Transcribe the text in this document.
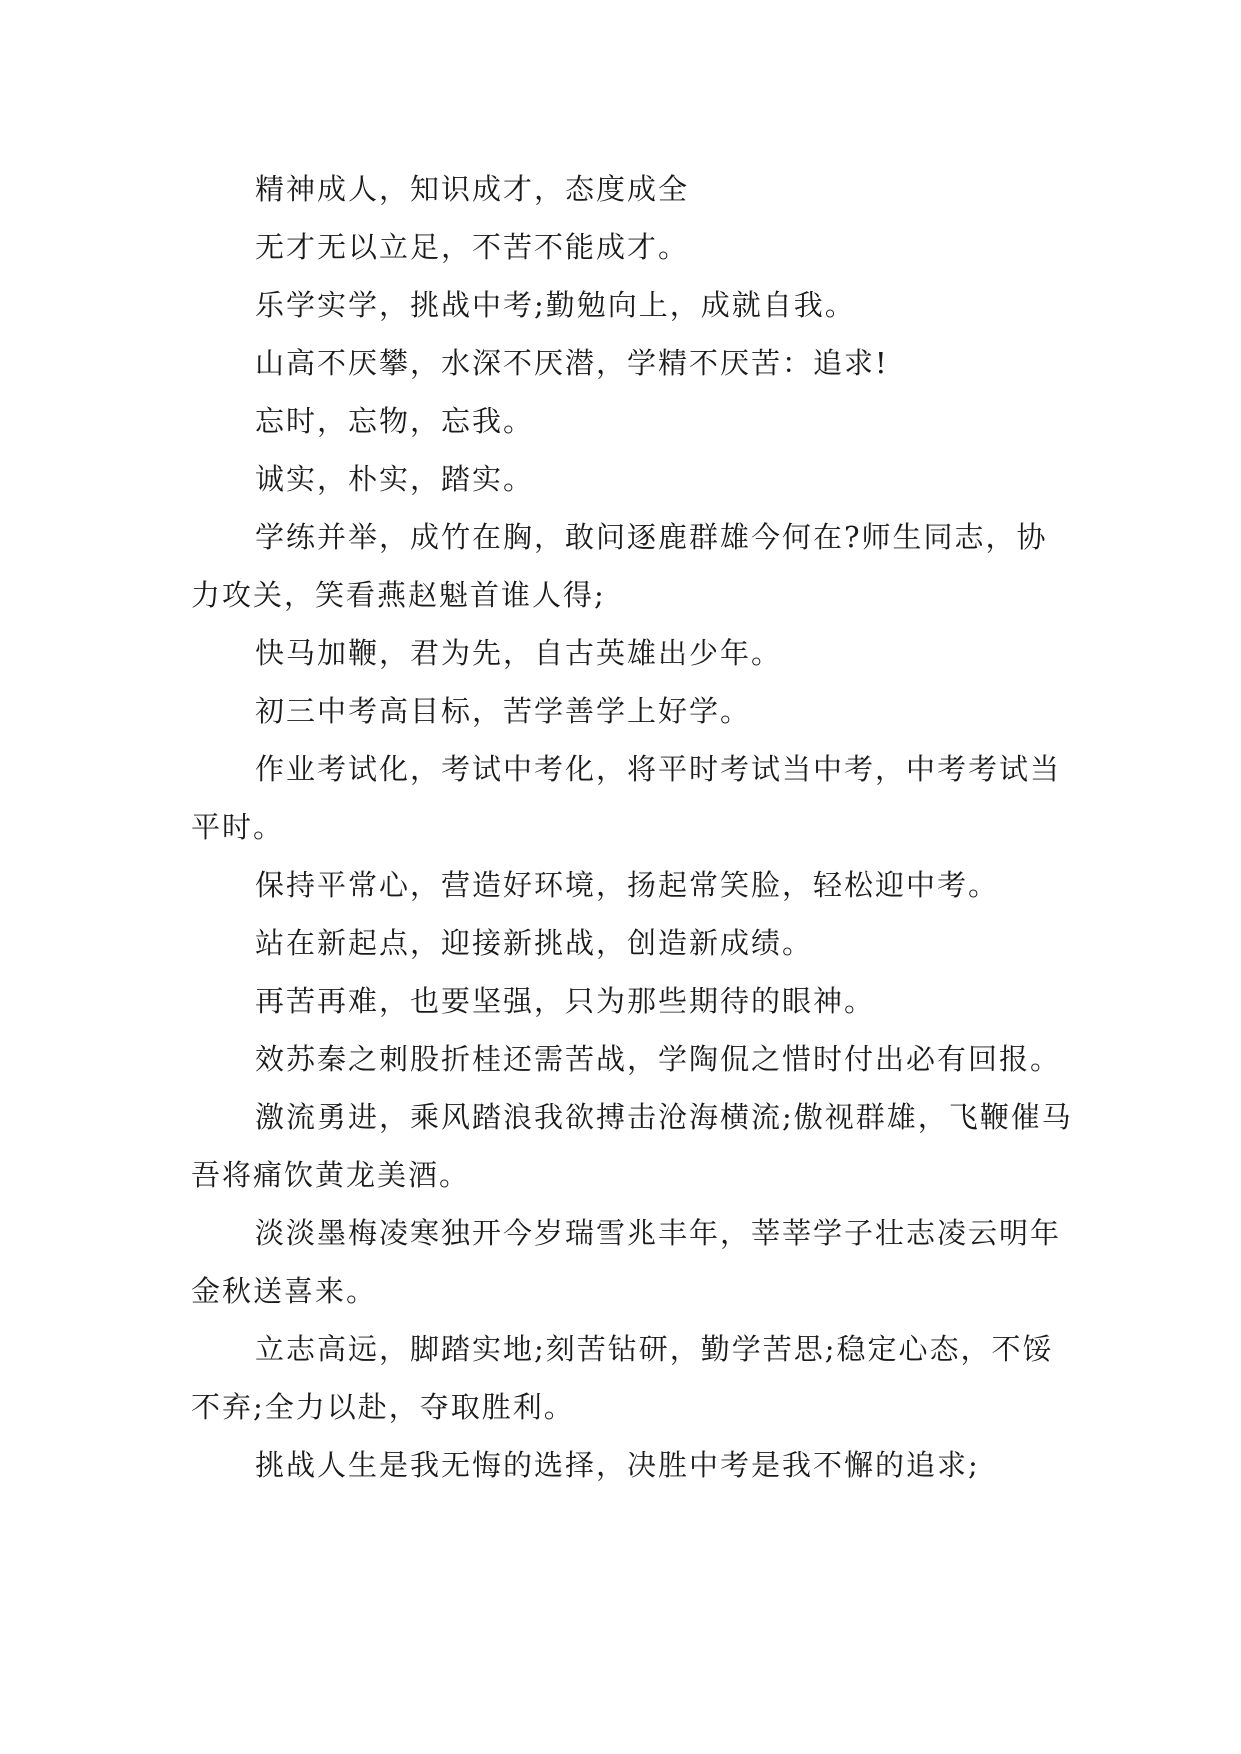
精神成人，知识成才，态度成全

无才无以立足，不苦不能成才。

乐学实学，挑战中考;勤勉向上，成就自我。

山高不厌攀，水深不厌潜，学精不厌苦：追求!

忘时，忘物，忘我。

诚实，朴实，踏实。

学练并举，成竹在胸，敢问逐鹿群雄今何在?师生同志，协力攻关，笑看燕赵魁首谁人得;

快马加鞭，君为先，自古英雄出少年。

初三中考高目标，苦学善学上好学。

作业考试化，考试中考化，将平时考试当中考，中考考试当平时。

保持平常心，营造好环境，扬起常笑脸，轻松迎中考。

站在新起点，迎接新挑战，创造新成绩。

再苦再难，也要坚强，只为那些期待的眼神。

效苏秦之刺股折桂还需苦战，学陶侃之惜时付出必有回报。

激流勇进，乘风踏浪我欲搏击沧海横流;傲视群雄，飞鞭催马吾将痛饮黄龙美酒。

淡淡墨梅凌寒独开今岁瑞雪兆丰年，莘莘学子壮志凌云明年金秋送喜来。

立志高远，脚踏实地;刻苦钻研，勤学苦思;稳定心态，不馁不弃;全力以赴，夺取胜利。

挑战人生是我无悔的选择，决胜中考是我不懈的追求;
